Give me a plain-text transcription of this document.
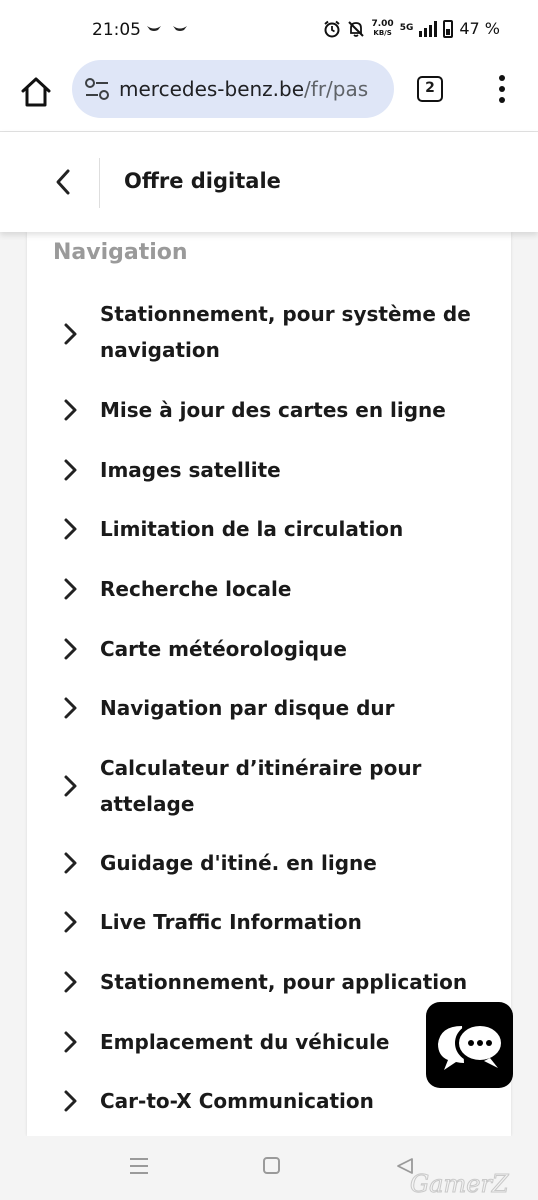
21:05	7.00
KB/S 5G	47 %
mercedes-benz.be/fr/pas	2
Offre digitale
Navigation
Stationnement, pour système de navigation
Mise à jour des cartes en ligne
Images satellite
Limitation de la circulation
Recherche locale
Carte météorologique
Navigation par disque dur
Calculateur d’itinéraire pour attelage
Guidage d'itiné. en ligne
Live Traffic Information
Stationnement, pour application
Emplacement du véhicule
Car-to-X Communication
GamerZ
